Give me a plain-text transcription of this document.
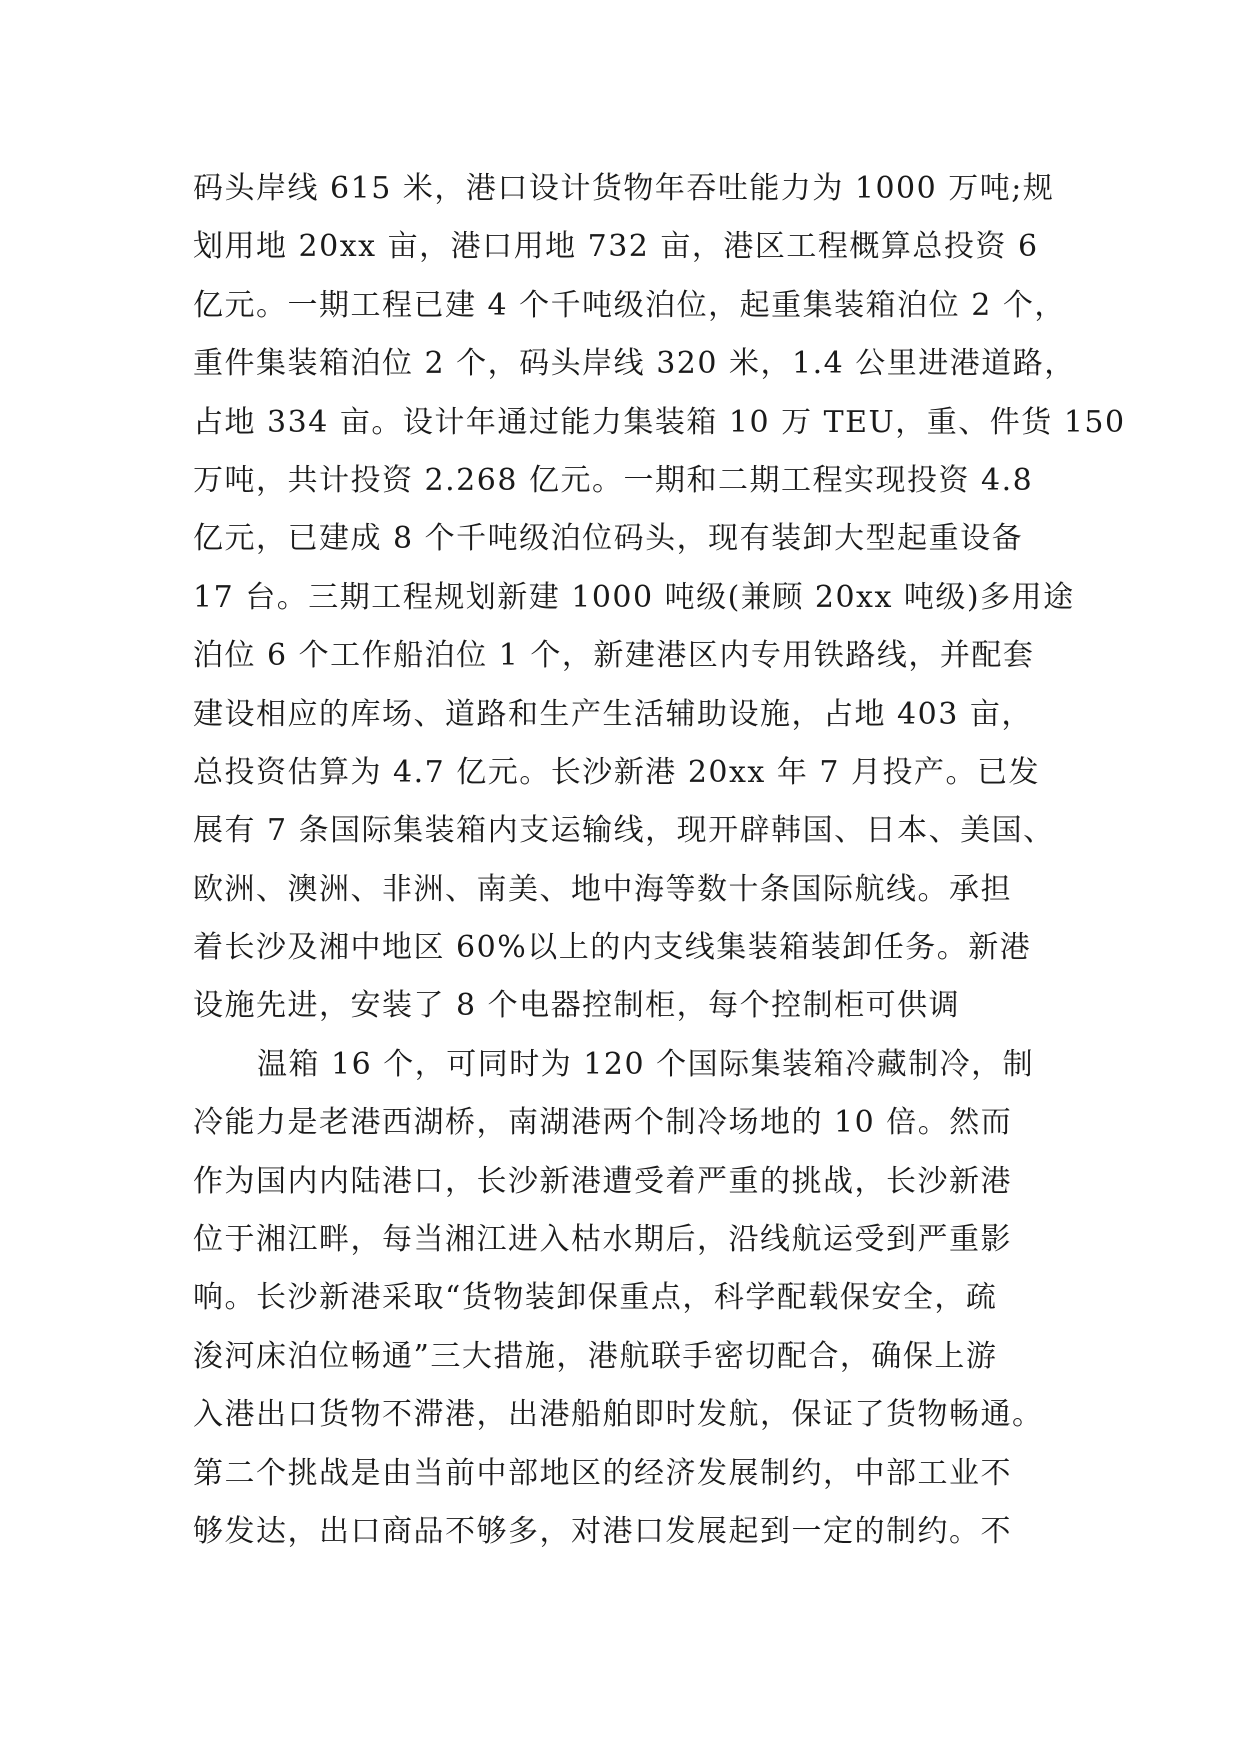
码头岸线 615 米，港口设计货物年吞吐能力为 1000 万吨;规
划用地 20xx 亩，港口用地 732 亩，港区工程概算总投资 6
亿元。一期工程已建 4 个千吨级泊位，起重集装箱泊位 2 个，
重件集装箱泊位 2 个，码头岸线 320 米，1.4 公里进港道路，
占地 334 亩。设计年通过能力集装箱 10 万 TEU，重、件货 150
万吨，共计投资 2.268 亿元。一期和二期工程实现投资 4.8
亿元，已建成 8 个千吨级泊位码头，现有装卸大型起重设备
17 台。三期工程规划新建 1000 吨级(兼顾 20xx 吨级)多用途
泊位 6 个工作船泊位 1 个，新建港区内专用铁路线，并配套
建设相应的库场、道路和生产生活辅助设施，占地 403 亩，
总投资估算为 4.7 亿元。长沙新港 20xx 年 7 月投产。已发
展有 7 条国际集装箱内支运输线，现开辟韩国、日本、美国、
欧洲、澳洲、非洲、南美、地中海等数十条国际航线。承担
着长沙及湘中地区 60%以上的内支线集装箱装卸任务。新港
设施先进，安装了 8 个电器控制柜，每个控制柜可供调
温箱 16 个，可同时为 120 个国际集装箱冷藏制冷，制
冷能力是老港西湖桥，南湖港两个制冷场地的 10 倍。然而
作为国内内陆港口，长沙新港遭受着严重的挑战，长沙新港
位于湘江畔，每当湘江进入枯水期后，沿线航运受到严重影
响。长沙新港采取“货物装卸保重点，科学配载保安全，疏
浚河床泊位畅通”三大措施，港航联手密切配合，确保上游
入港出口货物不滞港，出港船舶即时发航，保证了货物畅通。
第二个挑战是由当前中部地区的经济发展制约，中部工业不
够发达，出口商品不够多，对港口发展起到一定的制约。不
